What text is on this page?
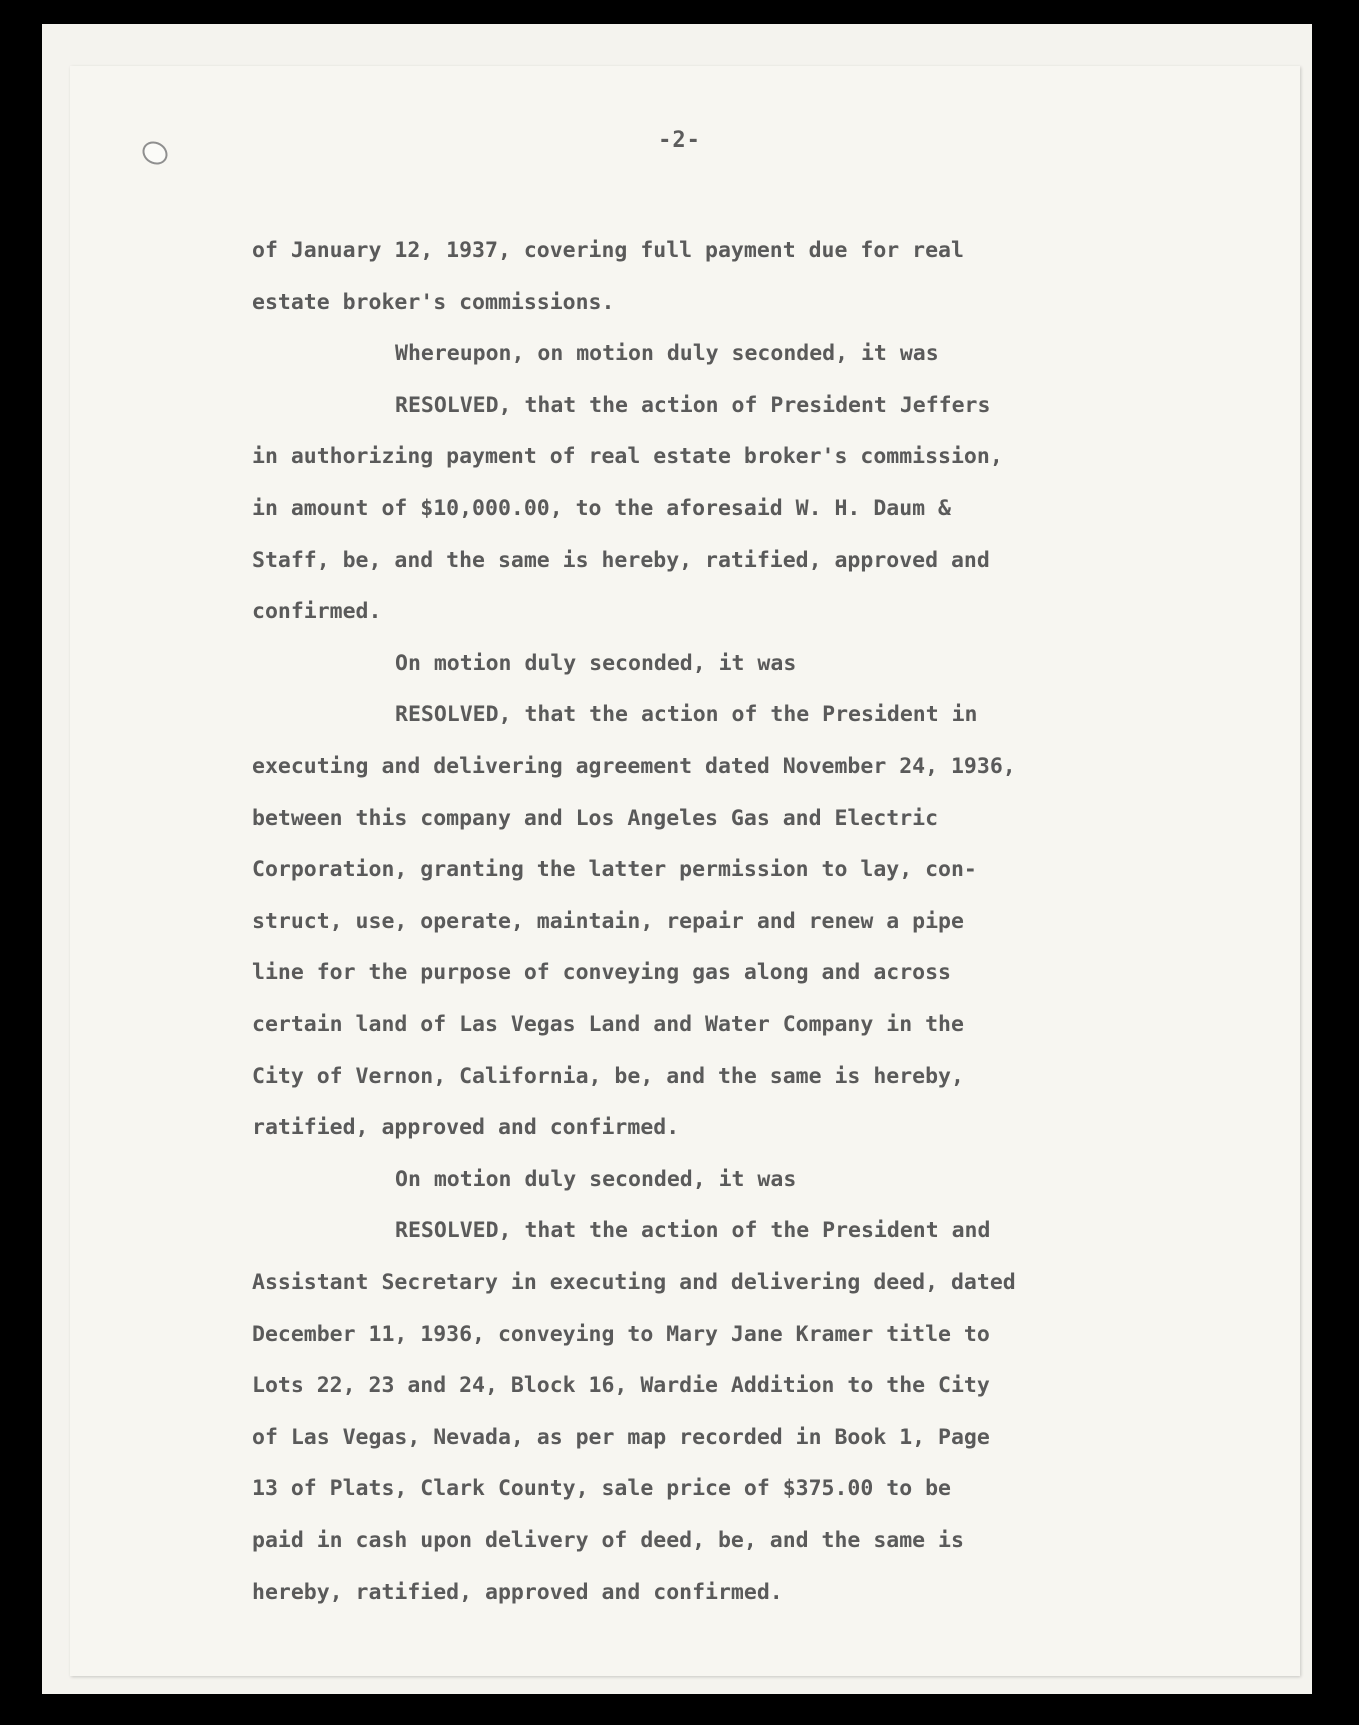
-2-

of January 12, 1937, covering full payment due for real

estate broker's commissions.

Whereupon, on motion duly seconded, it was

RESOLVED, that the action of President Jeffers

in authorizing payment of real estate broker's commission,

in amount of $10,000.00, to the aforesaid W. H. Daum &

Staff, be, and the same is hereby, ratified, approved and

confirmed.

On motion duly seconded, it was

RESOLVED, that the action of the President in

executing and delivering agreement dated November 24, 1936,

between this company and Los Angeles Gas and Electric

Corporation, granting the latter permission to lay, con-

struct, use, operate, maintain, repair and renew a pipe

line for the purpose of conveying gas along and across

certain land of Las Vegas Land and Water Company in the

City of Vernon, California, be, and the same is hereby,

ratified, approved and confirmed.

On motion duly seconded, it was

RESOLVED, that the action of the President and

Assistant Secretary in executing and delivering deed, dated

December 11, 1936, conveying to Mary Jane Kramer title to

Lots 22, 23 and 24, Block 16, Wardie Addition to the City

of Las Vegas, Nevada, as per map recorded in Book 1, Page

13 of Plats, Clark County, sale price of $375.00 to be

paid in cash upon delivery of deed, be, and the same is

hereby, ratified, approved and confirmed.
